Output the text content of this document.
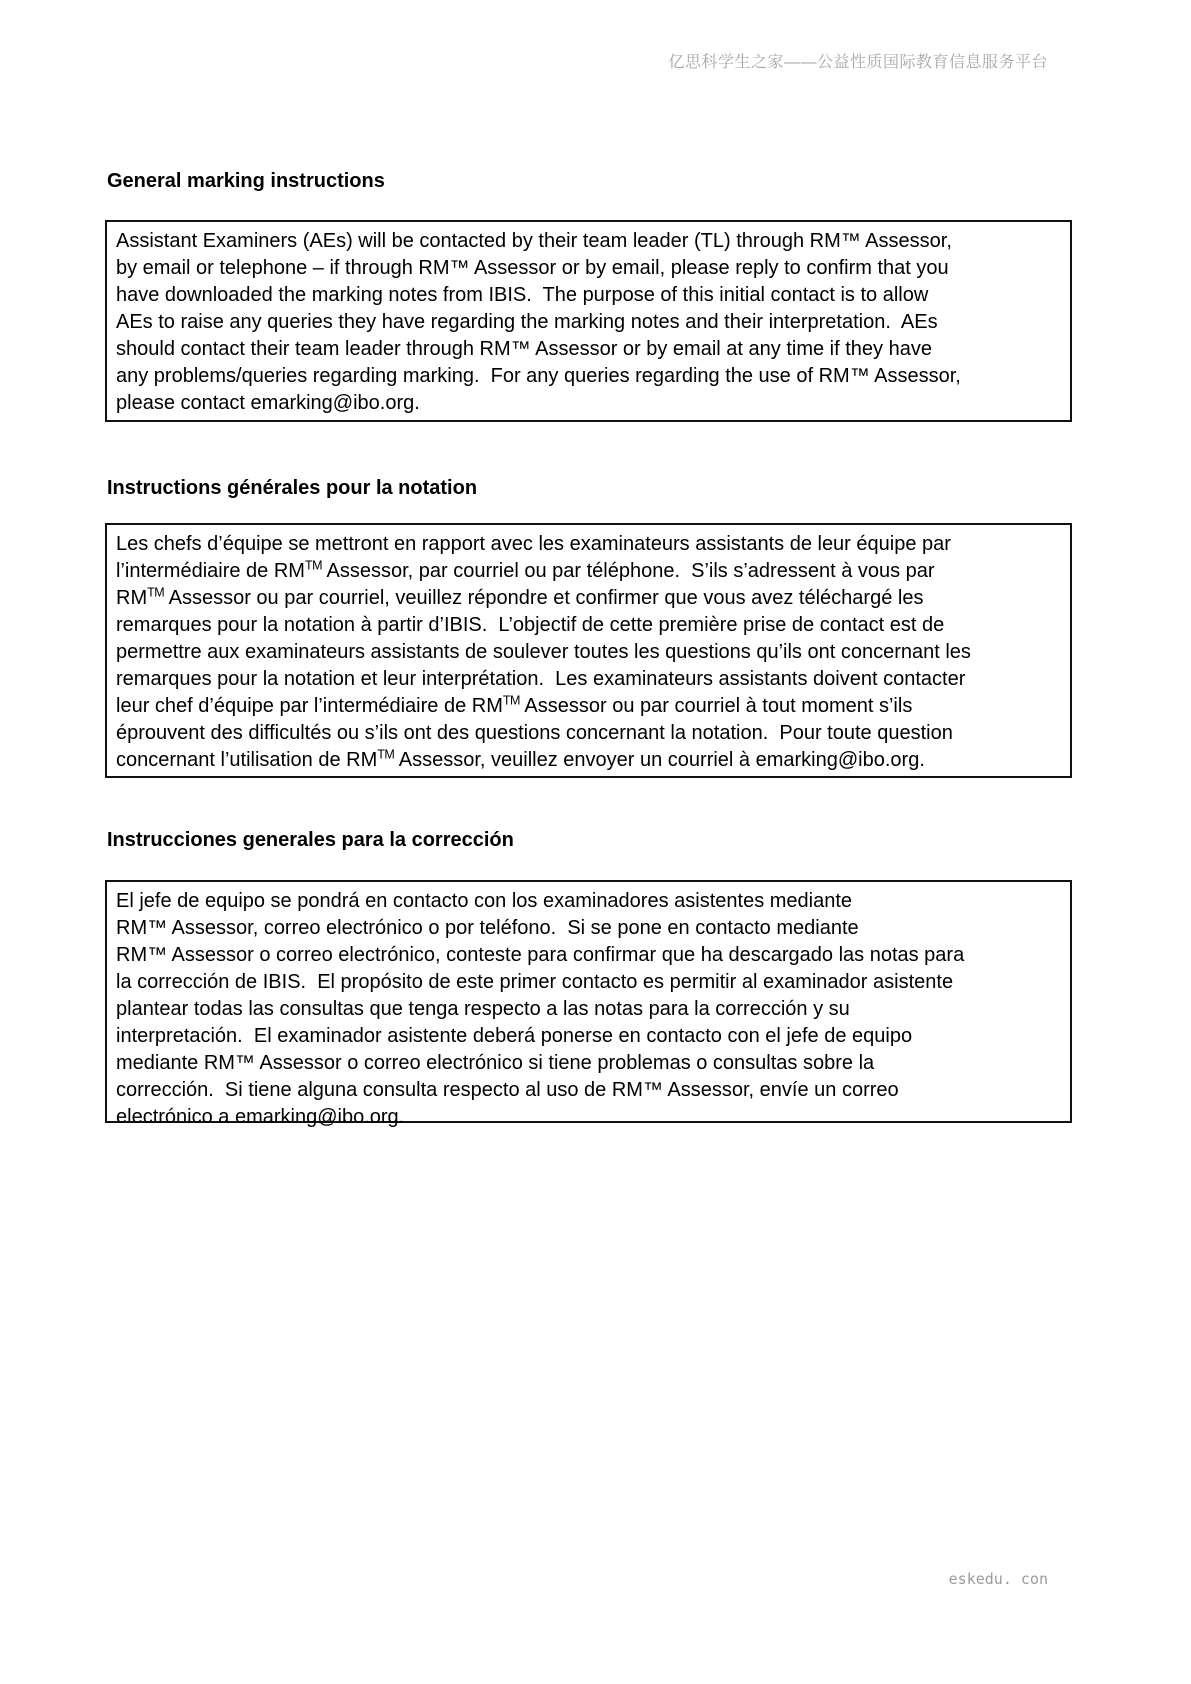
亿思科学生之家——公益性质国际教育信息服务平台
General marking instructions
Assistant Examiners (AEs) will be contacted by their team leader (TL) through RM™ Assessor,
by email or telephone – if through RM™ Assessor or by email, please reply to confirm that you
have downloaded the marking notes from IBIS.  The purpose of this initial contact is to allow
AEs to raise any queries they have regarding the marking notes and their interpretation.  AEs
should contact their team leader through RM™ Assessor or by email at any time if they have
any problems/queries regarding marking.  For any queries regarding the use of RM™ Assessor,
please contact emarking@ibo.org.
Instructions générales pour la notation
Les chefs d’équipe se mettront en rapport avec les examinateurs assistants de leur équipe par
l’intermédiaire de RM™ Assessor, par courriel ou par téléphone.  S’ils s’adressent à vous par
RM™ Assessor ou par courriel, veuillez répondre et confirmer que vous avez téléchargé les
remarques pour la notation à partir d’IBIS.  L’objectif de cette première prise de contact est de
permettre aux examinateurs assistants de soulever toutes les questions qu’ils ont concernant les
remarques pour la notation et leur interprétation.  Les examinateurs assistants doivent contacter
leur chef d’équipe par l’intermédiaire de RM™ Assessor ou par courriel à tout moment s’ils
éprouvent des difficultés ou s’ils ont des questions concernant la notation.  Pour toute question
concernant l’utilisation de RM™ Assessor, veuillez envoyer un courriel à emarking@ibo.org.
Instrucciones generales para la corrección
El jefe de equipo se pondrá en contacto con los examinadores asistentes mediante
RM™ Assessor, correo electrónico o por teléfono.  Si se pone en contacto mediante
RM™ Assessor o correo electrónico, conteste para confirmar que ha descargado las notas para
la corrección de IBIS.  El propósito de este primer contacto es permitir al examinador asistente
plantear todas las consultas que tenga respecto a las notas para la corrección y su
interpretación.  El examinador asistente deberá ponerse en contacto con el jefe de equipo
mediante RM™ Assessor o correo electrónico si tiene problemas o consultas sobre la
corrección.  Si tiene alguna consulta respecto al uso de RM™ Assessor, envíe un correo
electrónico a emarking@ibo.org.
eskedu. con
